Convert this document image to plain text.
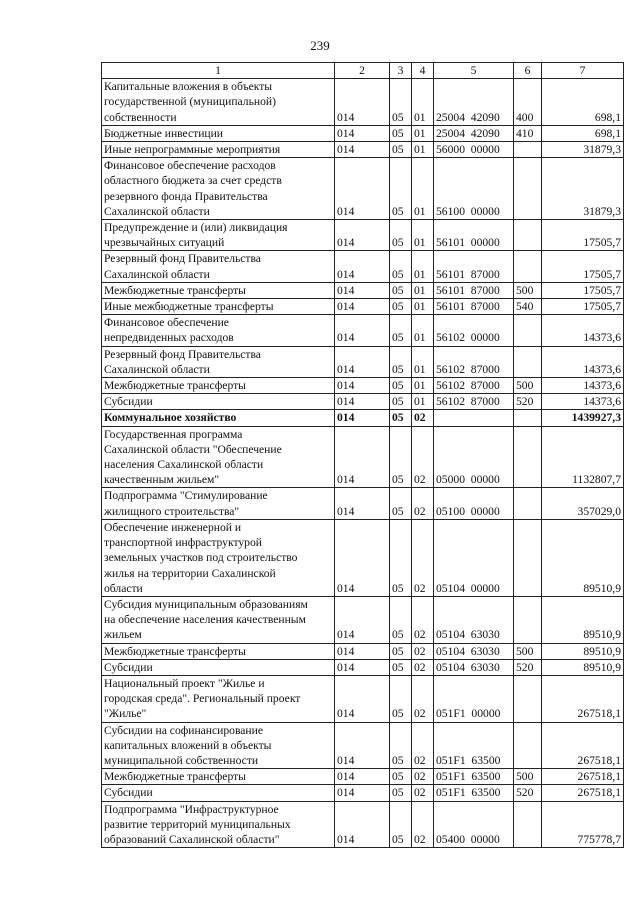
239
1	2	3	4	5	6	7
Капитальные вложения в объекты
государственной (муниципальной)
собственности	014	05	01	25004  42090	400	698,1
Бюджетные инвестиции	014	05	01	25004  42090	410	698,1
Иные непрограммные мероприятия	014	05	01	56000  00000		31879,3
Финансовое обеспечение расходов
областного бюджета за счет средств
резервного фонда Правительства
Сахалинской области	014	05	01	56100  00000		31879,3
Предупреждение и (или) ликвидация
чрезвычайных ситуаций	014	05	01	56101  00000		17505,7
Резервный фонд Правительства
Сахалинской области	014	05	01	56101  87000		17505,7
Межбюджетные трансферты	014	05	01	56101  87000	500	17505,7
Иные межбюджетные трансферты	014	05	01	56101  87000	540	17505,7
Финансовое обеспечение
непредвиденных расходов	014	05	01	56102  00000		14373,6
Резервный фонд Правительства
Сахалинской области	014	05	01	56102  87000		14373,6
Межбюджетные трансферты	014	05	01	56102  87000	500	14373,6
Субсидии	014	05	01	56102  87000	520	14373,6
Коммунальное хозяйство	014	05	02			1439927,3
Государственная программа
Сахалинской области "Обеспечение
населения Сахалинской области
качественным жильем"	014	05	02	05000  00000		1132807,7
Подпрограмма "Стимулирование
жилищного строительства"	014	05	02	05100  00000		357029,0
Обеспечение инженерной и
транспортной инфраструктурой
земельных участков под строительство
жилья на территории Сахалинской
области	014	05	02	05104  00000		89510,9
Субсидия муниципальным образованиям
на обеспечение населения качественным
жильем	014	05	02	05104  63030		89510,9
Межбюджетные трансферты	014	05	02	05104  63030	500	89510,9
Субсидии	014	05	02	05104  63030	520	89510,9
Национальный проект "Жилье и
городская среда". Региональный проект
"Жилье"	014	05	02	051F1  00000		267518,1
Субсидии на софинансирование
капитальных вложений в объекты
муниципальной собственности	014	05	02	051F1  63500		267518,1
Межбюджетные трансферты	014	05	02	051F1  63500	500	267518,1
Субсидии	014	05	02	051F1  63500	520	267518,1
Подпрограмма "Инфраструктурное
развитие территорий муниципальных
образований Сахалинской области"	014	05	02	05400  00000		775778,7
